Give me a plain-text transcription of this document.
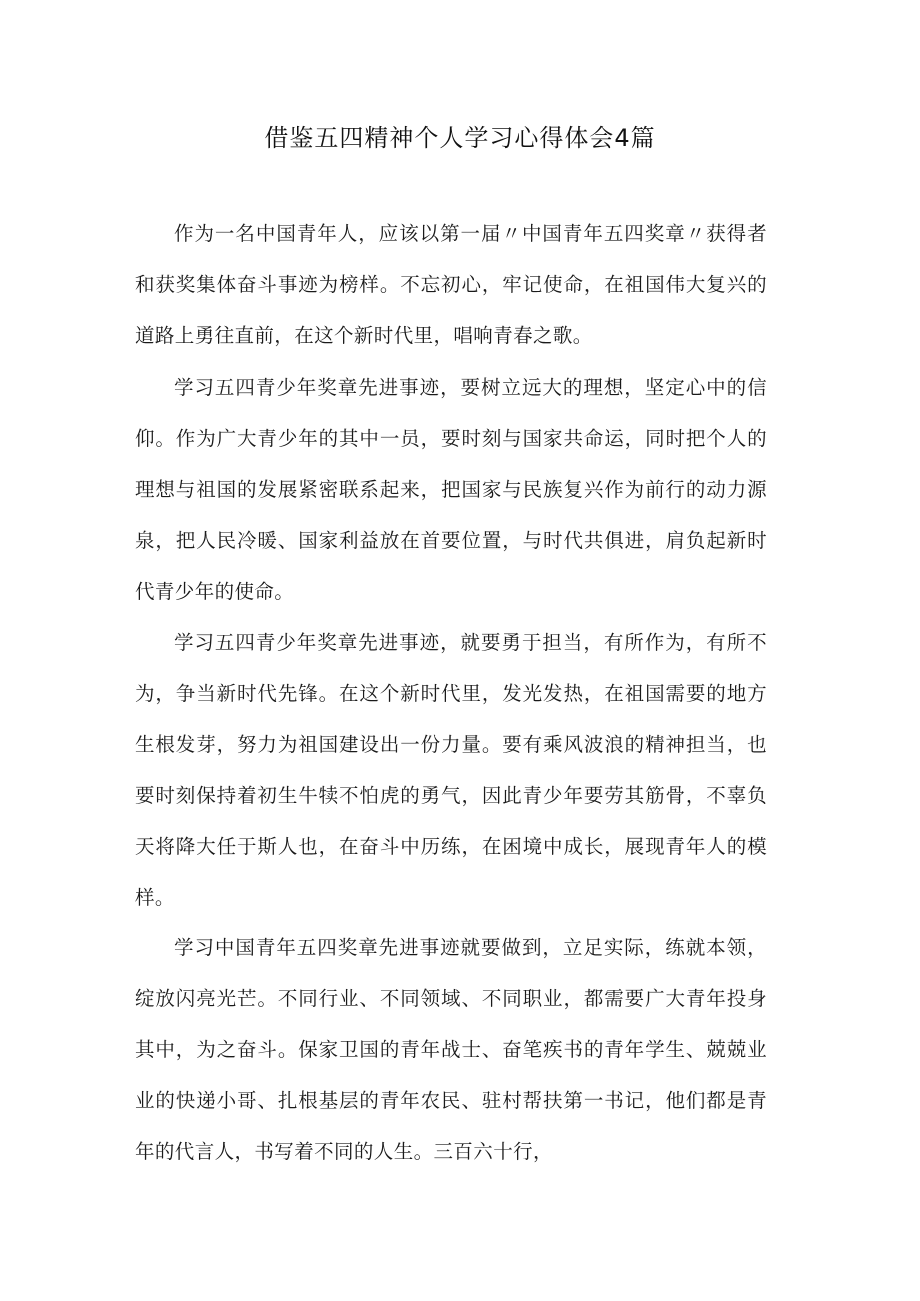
借鉴五四精神个人学习心得体会4篇

作为一名中国青年人，应该以第一届〃中国青年五四奖章〃获得者和获奖集体奋斗事迹为榜样。不忘初心，牢记使命，在祖国伟大复兴的道路上勇往直前，在这个新时代里，唱响青春之歌。

学习五四青少年奖章先进事迹，要树立远大的理想，坚定心中的信仰。作为广大青少年的其中一员，要时刻与国家共命运，同时把个人的理想与祖国的发展紧密联系起来，把国家与民族复兴作为前行的动力源泉，把人民冷暖、国家利益放在首要位置，与时代共俱进，肩负起新时代青少年的使命。

学习五四青少年奖章先进事迹，就要勇于担当，有所作为，有所不为，争当新时代先锋。在这个新时代里，发光发热，在祖国需要的地方生根发芽，努力为祖国建设出一份力量。要有乘风波浪的精神担当，也要时刻保持着初生牛犊不怕虎的勇气，因此青少年要劳其筋骨，不辜负天将降大任于斯人也，在奋斗中历练，在困境中成长，展现青年人的模样。

学习中国青年五四奖章先进事迹就要做到，立足实际，练就本领，绽放闪亮光芒。不同行业、不同领域、不同职业，都需要广大青年投身其中，为之奋斗。保家卫国的青年战士、奋笔疾书的青年学生、兢兢业业的快递小哥、扎根基层的青年农民、驻村帮扶第一书记，他们都是青年的代言人，书写着不同的人生。三百六十行，
